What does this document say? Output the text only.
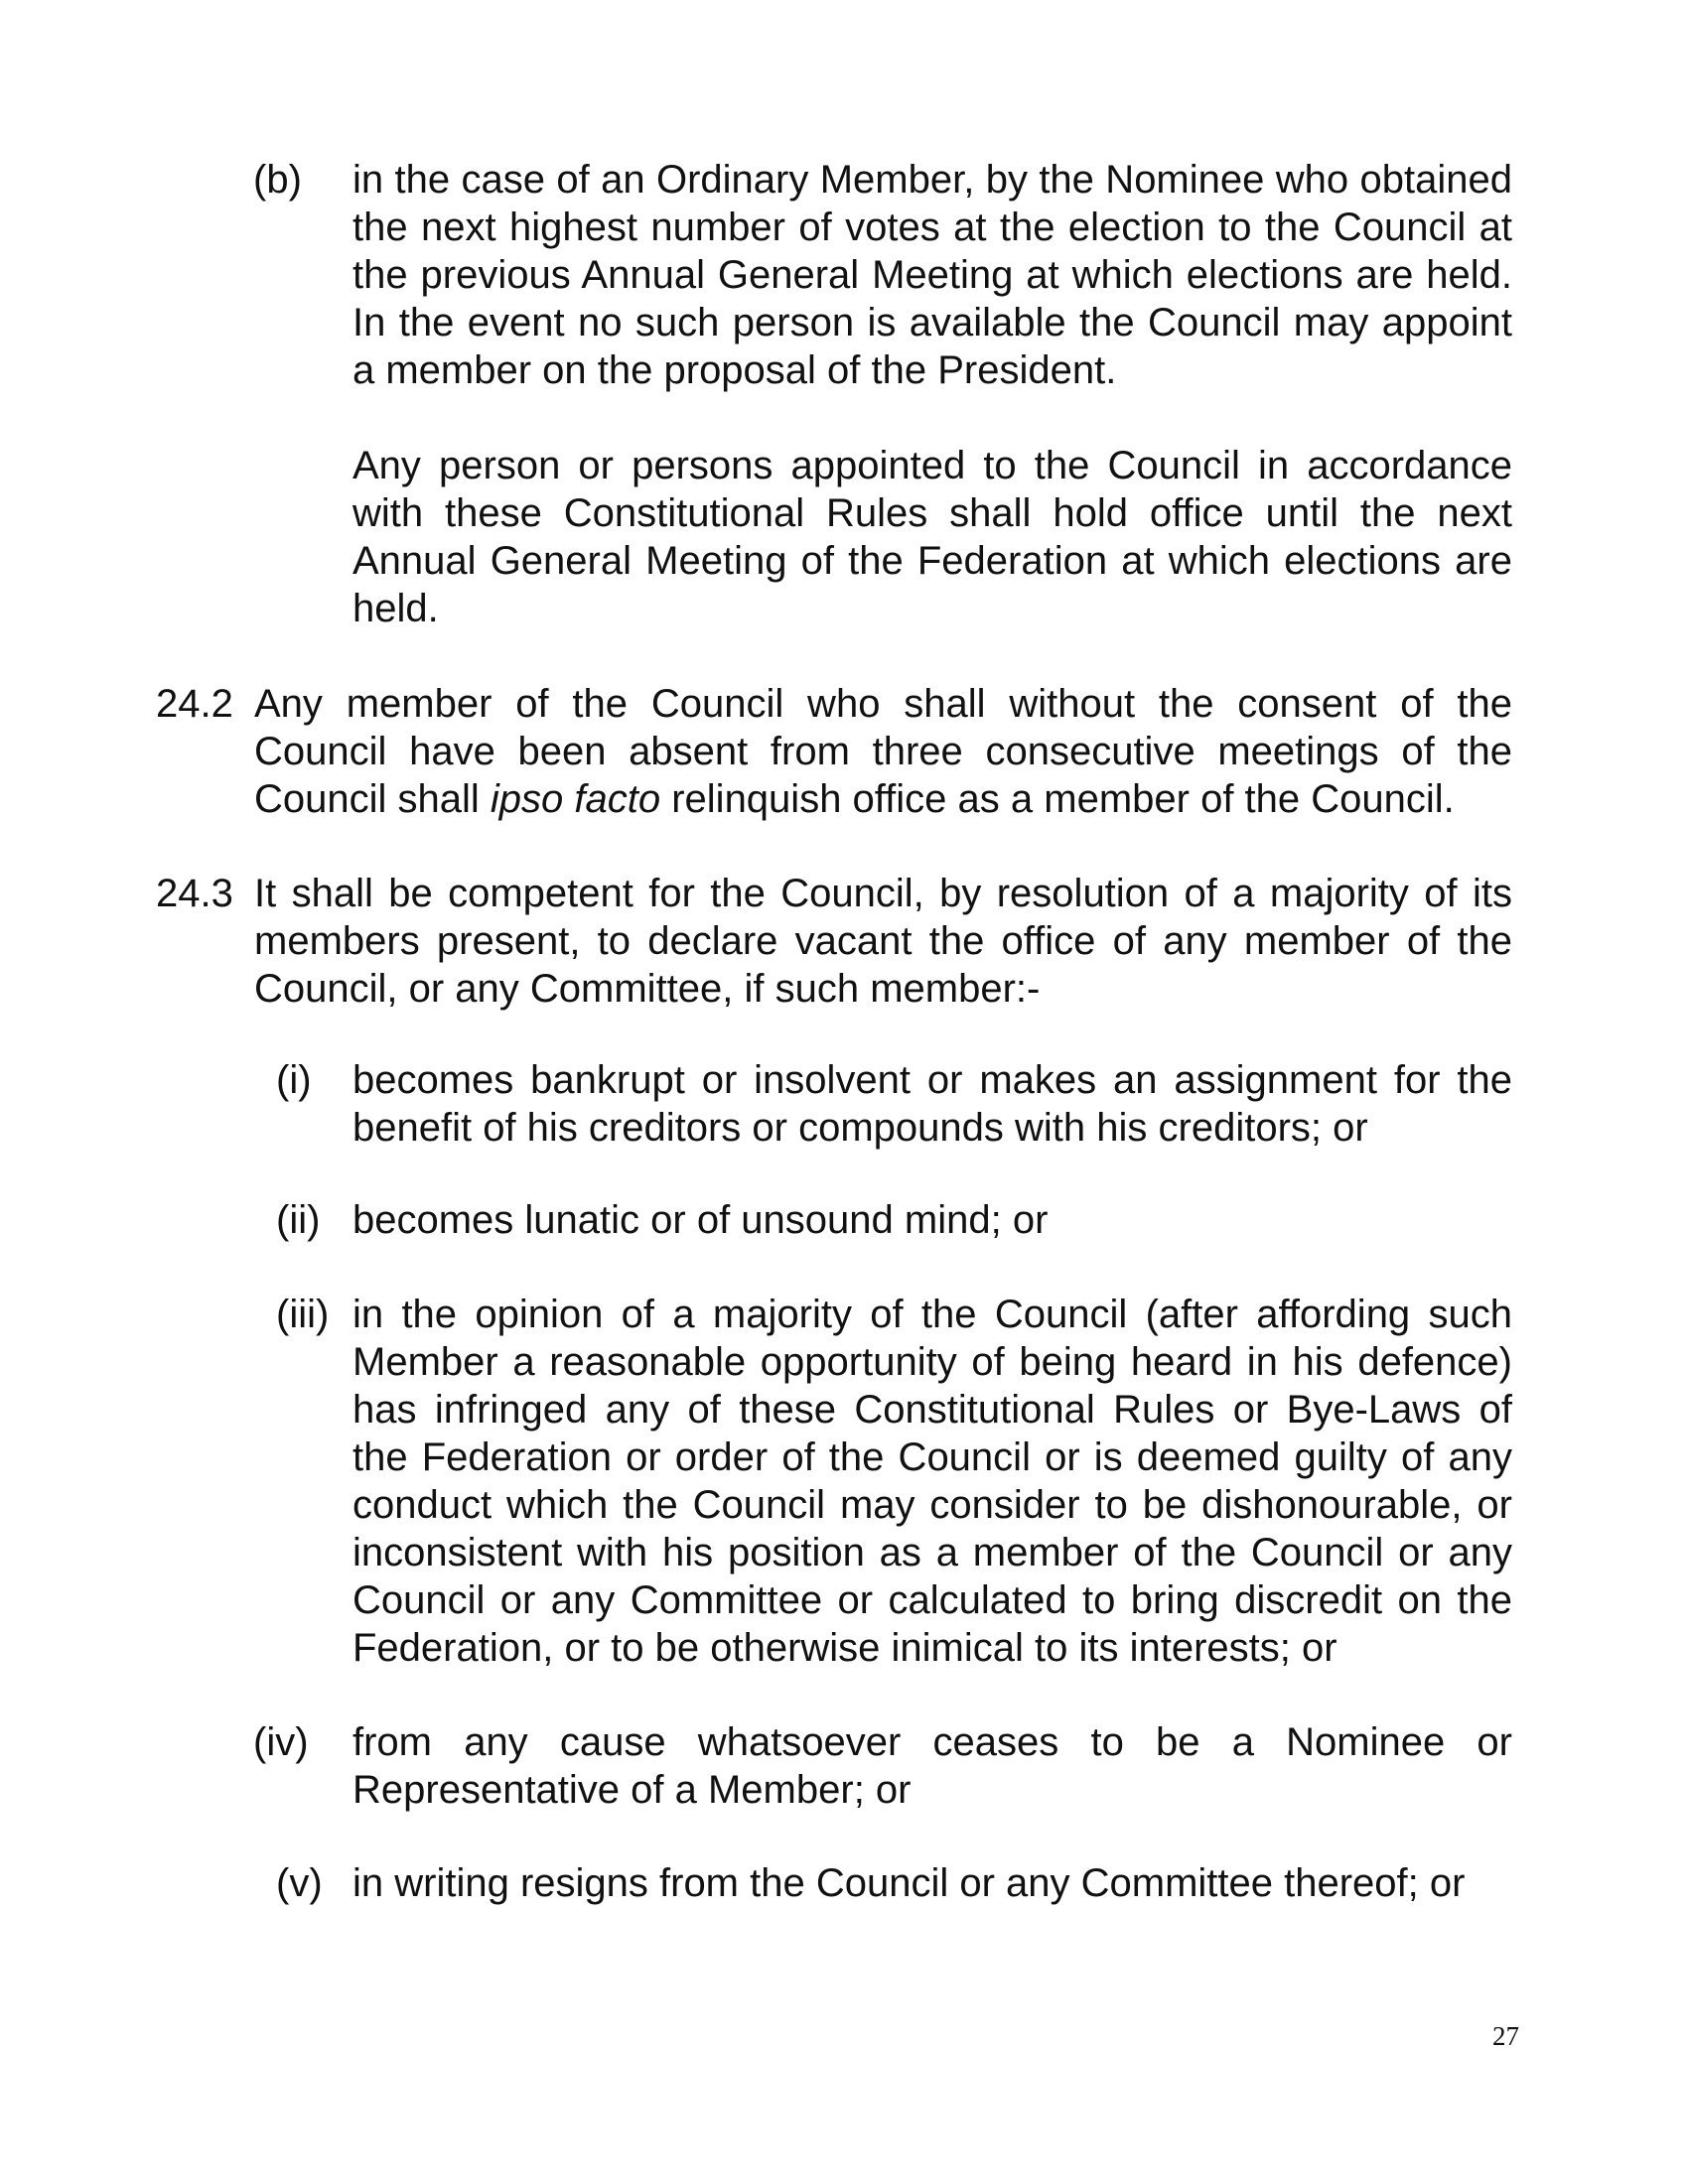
(b) in the case of an Ordinary Member, by the Nominee who obtained the next highest number of votes at the election to the Council at the previous Annual General Meeting at which elections are held. In the event no such person is available the Council may appoint a member on the proposal of the President.

Any person or persons appointed to the Council in accordance with these Constitutional Rules shall hold office until the next Annual General Meeting of the Federation at which elections are held.

24.2 Any member of the Council who shall without the consent of the Council have been absent from three consecutive meetings of the Council shall ipso facto relinquish office as a member of the Council.

24.3 It shall be competent for the Council, by resolution of a majority of its members present, to declare vacant the office of any member of the Council, or any Committee, if such member:-

(i) becomes bankrupt or insolvent or makes an assignment for the benefit of his creditors or compounds with his creditors; or

(ii) becomes lunatic or of unsound mind; or

(iii) in the opinion of a majority of the Council (after affording such Member a reasonable opportunity of being heard in his defence) has infringed any of these Constitutional Rules or Bye-Laws of the Federation or order of the Council or is deemed guilty of any conduct which the Council may consider to be dishonourable, or inconsistent with his position as a member of the Council or any Council or any Committee or calculated to bring discredit on the Federation, or to be otherwise inimical to its interests; or

(iv) from any cause whatsoever ceases to be a Nominee or Representative of a Member; or

(v) in writing resigns from the Council or any Committee thereof; or

27
